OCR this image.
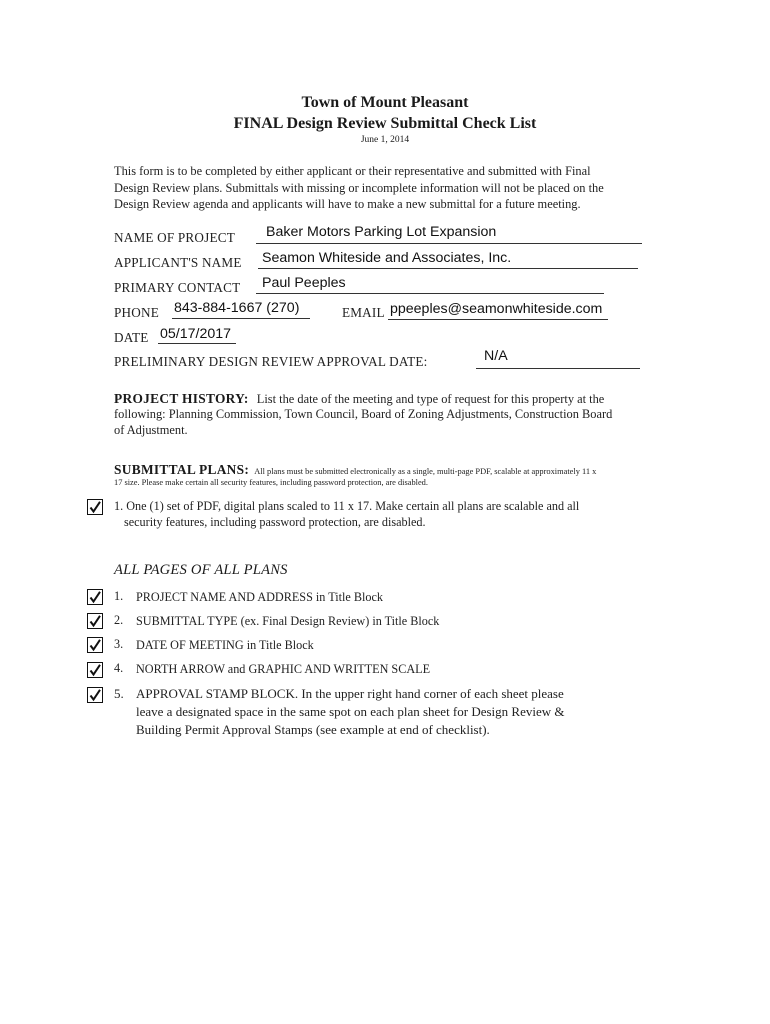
Town of Mount Pleasant
FINAL Design Review Submittal Check List
June 1, 2014
This form is to be completed by either applicant or their representative and submitted with Final
Design Review plans. Submittals with missing or incomplete information will not be placed on the
Design Review agenda and applicants will have to make a new submittal for a future meeting.
NAME OF PROJECT Baker Motors Parking Lot Expansion
APPLICANT'S NAME Seamon Whiteside and Associates, Inc.
PRIMARY CONTACT Paul Peeples
PHONE 843-884-1667 (270)	EMAIL ppeeples@seamonwhiteside.com
DATE 05/17/2017
PRELIMINARY DESIGN REVIEW APPROVAL DATE:	N/A
PROJECT HISTORY: List the date of the meeting and type of request for this property at the
following: Planning Commission, Town Council, Board of Zoning Adjustments, Construction Board
of Adjustment.
SUBMITTAL PLANS: All plans must be submitted electronically as a single, multi-page PDF, scalable at approximately 11 x
17 size. Please make certain all security features, including password protection, are disabled.
1. One (1) set of PDF, digital plans scaled to 11 x 17. Make certain all plans are scalable and all
security features, including password protection, are disabled.
ALL PAGES OF ALL PLANS
1. PROJECT NAME AND ADDRESS in Title Block
2. SUBMITTAL TYPE (ex. Final Design Review) in Title Block
3. DATE OF MEETING in Title Block
4. NORTH ARROW and GRAPHIC AND WRITTEN SCALE
5. APPROVAL STAMP BLOCK. In the upper right hand corner of each sheet please
leave a designated space in the same spot on each plan sheet for Design Review &
Building Permit Approval Stamps (see example at end of checklist).
